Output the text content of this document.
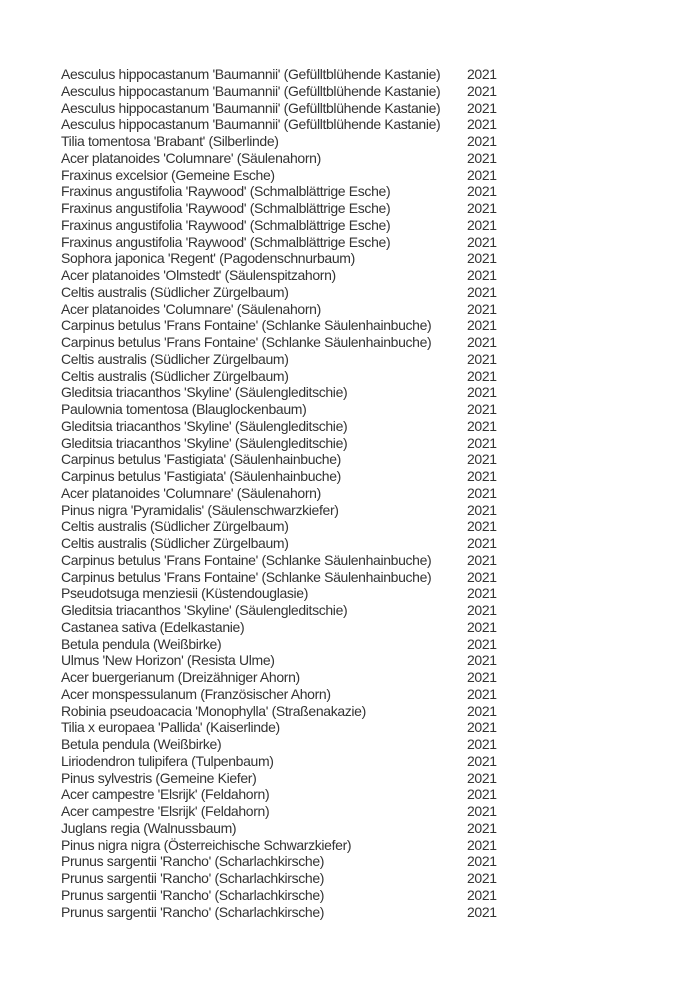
Aesculus hippocastanum 'Baumannii' (Gefülltblühende Kastanie)	2021
Aesculus hippocastanum 'Baumannii' (Gefülltblühende Kastanie)	2021
Aesculus hippocastanum 'Baumannii' (Gefülltblühende Kastanie)	2021
Aesculus hippocastanum 'Baumannii' (Gefülltblühende Kastanie)	2021
Tilia tomentosa 'Brabant' (Silberlinde)	2021
Acer platanoides 'Columnare' (Säulenahorn)	2021
Fraxinus excelsior (Gemeine Esche)	2021
Fraxinus angustifolia 'Raywood' (Schmalblättrige Esche)	2021
Fraxinus angustifolia 'Raywood' (Schmalblättrige Esche)	2021
Fraxinus angustifolia 'Raywood' (Schmalblättrige Esche)	2021
Fraxinus angustifolia 'Raywood' (Schmalblättrige Esche)	2021
Sophora japonica 'Regent' (Pagodenschnurbaum)	2021
Acer platanoides 'Olmstedt' (Säulenspitzahorn)	2021
Celtis australis (Südlicher Zürgelbaum)	2021
Acer platanoides 'Columnare' (Säulenahorn)	2021
Carpinus betulus 'Frans Fontaine' (Schlanke Säulenhainbuche)	2021
Carpinus betulus 'Frans Fontaine' (Schlanke Säulenhainbuche)	2021
Celtis australis (Südlicher Zürgelbaum)	2021
Celtis australis (Südlicher Zürgelbaum)	2021
Gleditsia triacanthos 'Skyline' (Säulengleditschie)	2021
Paulownia tomentosa (Blauglockenbaum)	2021
Gleditsia triacanthos 'Skyline' (Säulengleditschie)	2021
Gleditsia triacanthos 'Skyline' (Säulengleditschie)	2021
Carpinus betulus 'Fastigiata' (Säulenhainbuche)	2021
Carpinus betulus 'Fastigiata' (Säulenhainbuche)	2021
Acer platanoides 'Columnare' (Säulenahorn)	2021
Pinus nigra 'Pyramidalis' (Säulenschwarzkiefer)	2021
Celtis australis (Südlicher Zürgelbaum)	2021
Celtis australis (Südlicher Zürgelbaum)	2021
Carpinus betulus 'Frans Fontaine' (Schlanke Säulenhainbuche)	2021
Carpinus betulus 'Frans Fontaine' (Schlanke Säulenhainbuche)	2021
Pseudotsuga menziesii (Küstendouglasie)	2021
Gleditsia triacanthos 'Skyline' (Säulengleditschie)	2021
Castanea sativa (Edelkastanie)	2021
Betula pendula (Weißbirke)	2021
Ulmus 'New Horizon' (Resista Ulme)	2021
Acer buergerianum (Dreizähniger Ahorn)	2021
Acer monspessulanum (Französischer Ahorn)	2021
Robinia pseudoacacia 'Monophylla' (Straßenakazie)	2021
Tilia x europaea 'Pallida' (Kaiserlinde)	2021
Betula pendula (Weißbirke)	2021
Liriodendron tulipifera (Tulpenbaum)	2021
Pinus sylvestris (Gemeine Kiefer)	2021
Acer campestre 'Elsrijk' (Feldahorn)	2021
Acer campestre 'Elsrijk' (Feldahorn)	2021
Juglans regia (Walnussbaum)	2021
Pinus nigra nigra (Österreichische Schwarzkiefer)	2021
Prunus sargentii 'Rancho' (Scharlachkirsche)	2021
Prunus sargentii 'Rancho' (Scharlachkirsche)	2021
Prunus sargentii 'Rancho' (Scharlachkirsche)	2021
Prunus sargentii 'Rancho' (Scharlachkirsche)	2021
